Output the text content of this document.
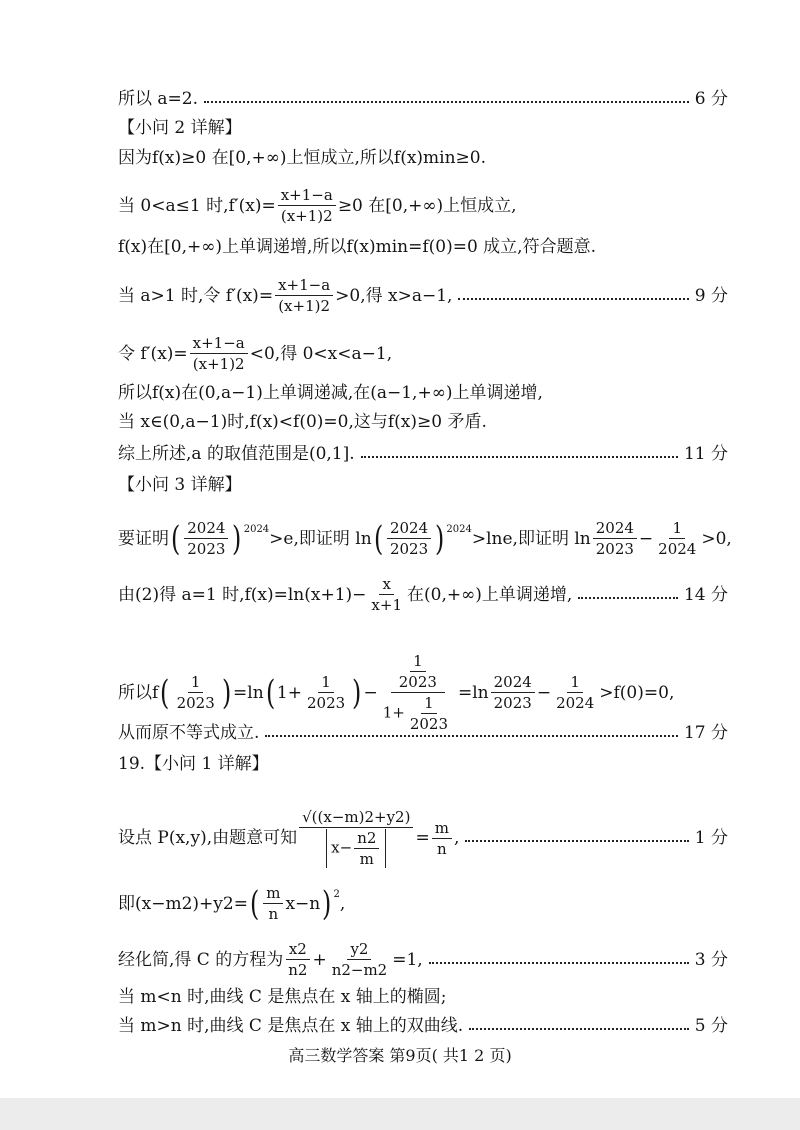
所以 a=2.	6 分
【小问 2 详解】
因为f(x)≥0 在[0,+∞)上恒成立,所以f(x)min≥0.
当 0<a≤1 时$,f'(x)= \frac{x+1-a}{(x+1)2} \ge 0$ 在[0,+∞)上恒成立,
f(x)在[0,+∞)上单调递增,所以f(x)min=f(0)=0 成立,符合题意.
当 a>1 时,令 $f'(x)= \frac{x+1-a}{(x+1)2} >0$,得 x>a−1,	9 分
令 $f'(x)= \frac{x+1-a}{(x+1)2} <0$,得 0<x<a−1,
所以f(x)在(0,a−1)上单调递减,在(a−1,+∞)上单调递增,
当 x∈(0,a−1)时,f(x)<f(0)=0,这与f(x)≥0 矛盾.
综上所述,a 的取值范围是(0,1].	11 分
【小问 3 详解】
要证明 ( $\frac{2024}{2023} )^{2024} >e$,即证明 ln ( $\frac{2024}{2023} )^{2024} >\ln e$,即证明 $\ln \frac{2024}{2023} - \frac{1}{2024} >0$,
由(2)得 a=1 时$,f(x)=\ln(x+1)- \frac{x}{x+1}$ 在(0,+∞)上单调递增,	14 分
所以f ( $\frac{1}{2023}$ ) =ln ( $1+ \frac{1}{2023}$ ) − $\frac{\frac{1}{2023}}{1+ \frac{1}{2023}} =\ln \frac{2024}{2023} - \frac{1}{2024} >f(0)=0$,
从而原不等式成立.	17 分
19.【小问 1 详解】
设点 P(x,y),由题意可知 $\frac{√((x-m)2+y2)}{x- \frac{n2}{m}} = \frac{m}{n}$ ,	1 分
即(x−m2)+y2= ( $\frac{m}{n} x-n$ )$^2$ ,
经化简,得 C 的方程为 $\frac{x2}{n2} + \frac{y2}{n2-m2} =1$,	3 分
当 m<n 时,曲线 C 是焦点在 x 轴上的椭圆;
当 m>n 时,曲线 C 是焦点在 x 轴上的双曲线.	5 分
高三数学答案 第9页( 共1 2 页)
